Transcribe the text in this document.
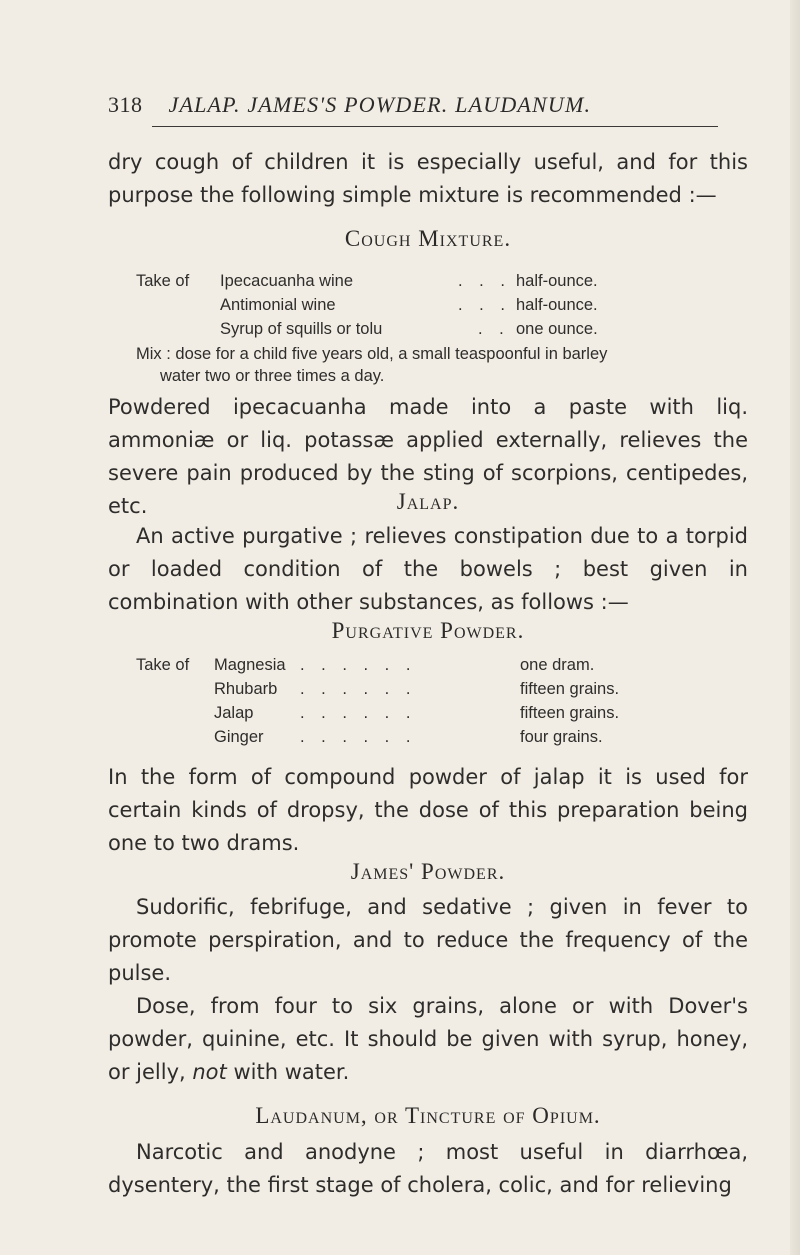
318 JALAP. JAMES'S POWDER. LAUDANUM.
dry cough of children it is especially useful, and for this purpose the following simple mixture is recommended :—
Cough Mixture.
Take of Ipecacuanha wine	. . . half-ounce.
Antimonial wine	. . . half-ounce.
Syrup of squills or tolu	. . one ounce.
Mix : dose for a child five years old, a small teaspoonful in barley
water two or three times a day.
Powdered ipecacuanha made into a paste with liq. ammoniæ or liq. potassæ applied externally, relieves the severe pain produced by the sting of scorpions, centipedes, etc.	Jalap.
An active purgative ; relieves constipation due to a torpid or loaded condition of the bowels ; best given in combination with other substances, as follows :—
Purgative Powder.
Take of Magnesia . . . . . .	one dram.
Rhubarb . . . . . .	fifteen grains.
Jalap	. . . . . .	fifteen grains.
Ginger . . . . . .	four grains.
In the form of compound powder of jalap it is used for certain kinds of dropsy, the dose of this preparation being one to two drams.
James' Powder.
Sudorific, febrifuge, and sedative ; given in fever to promote perspiration, and to reduce the frequency of the pulse.
Dose, from four to six grains, alone or with Dover's powder, quinine, etc. It should be given with syrup, honey, or jelly, not with water.
Laudanum, or Tincture of Opium.
Narcotic and anodyne ; most useful in diarrhœa, dysentery, the first stage of cholera, colic, and for relieving
